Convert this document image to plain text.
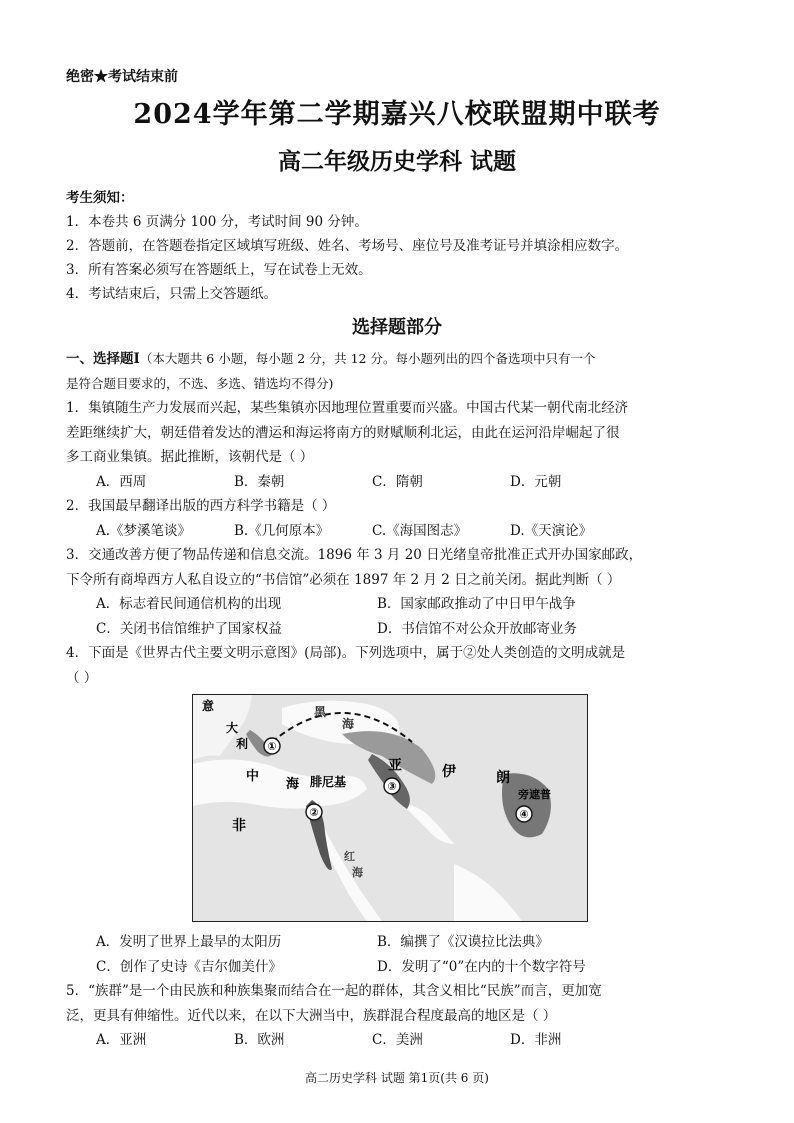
绝密★考试结束前
2024学年第二学期嘉兴八校联盟期中联考
高二年级历史学科 试题
考生须知：
1．本卷共 6 页满分 100 分，考试时间 90 分钟。
2．答题前，在答题卷指定区域填写班级、姓名、考场号、座位号及准考证号并填涂相应数字。
3．所有答案必须写在答题纸上，写在试卷上无效。
4．考试结束后，只需上交答题纸。
选择题部分

一、选择题Ⅰ（本大题共 6 小题，每小题 2 分，共 12 分。每小题列出的四个备选项中只有一个

是符合题目要求的，不选、多选、错选均不得分)

1．集镇随生产力发展而兴起，某些集镇亦因地理位置重要而兴盛。中国古代某一朝代南北经济

差距继续扩大，朝廷借着发达的漕运和海运将南方的财赋顺利北运，由此在运河沿岸崛起了很

多工商业集镇。据此推断，该朝代是（ ）

A．西周	B．秦朝	C．隋朝	D．元朝

2．我国最早翻译出版的西方科学书籍是（ ）

A.《梦溪笔谈》	B.《几何原本》	C.《海国图志》	D.《天演论》

3．交通改善方便了物品传递和信息交流。1896 年 3 月 20 日光绪皇帝批准正式开办国家邮政，

下令所有商埠西方人私自设立的“书信馆”必须在 1897 年 2 月 2 日之前关闭。据此判断（ ）

A．标志着民间通信机构的出现	B．国家邮政推动了中日甲午战争
C．关闭书信馆维护了国家权益	D．书信馆不对公众开放邮寄业务

4．下面是《世界古代主要文明示意图》(局部)。下列选项中，属于②处人类创造的文明成就是

（ ）

①
②
③
④
意
大
利
黑
海
中
海 腓尼基
亚	伊	朗
非
旁遮普
红
海
A．发明了世界上最早的太阳历	B．编撰了《汉谟拉比法典》
C．创作了史诗《吉尔伽美什》	D．发明了“0”在内的十个数字符号

5．“族群”是一个由民族和种族集聚而结合在一起的群体，其含义相比“民族”而言，更加宽

泛，更具有伸缩性。近代以来，在以下大洲当中，族群混合程度最高的地区是（ ）

A．亚洲	B．欧洲	C．美洲	D．非洲
高二历史学科 试题 第1页(共 6 页)
